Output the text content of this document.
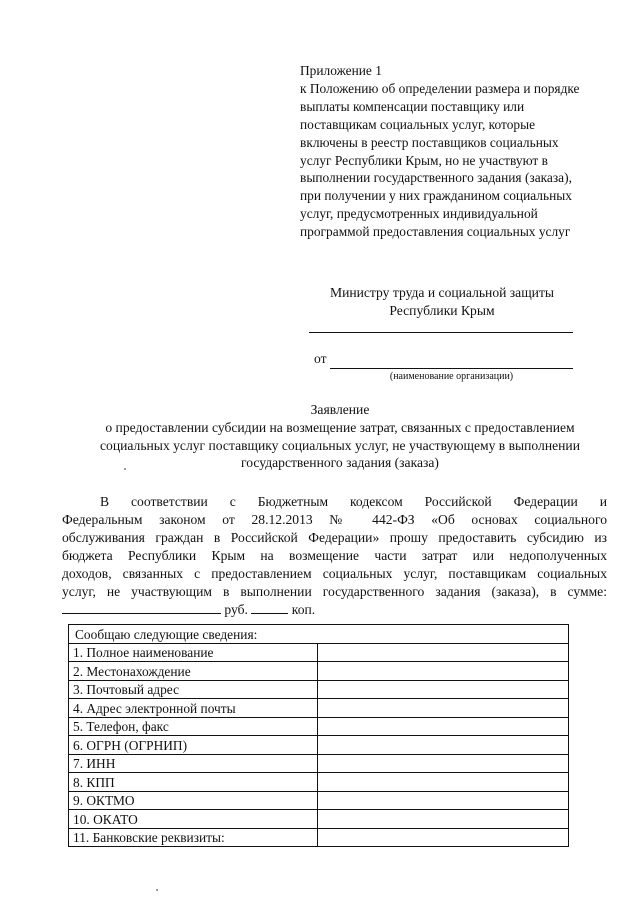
Приложение 1
к Положению об определении размера и порядке
выплаты компенсации поставщику или
поставщикам социальных услуг, которые
включены в реестр поставщиков социальных
услуг Республики Крым, но не участвуют в
выполнении государственного задания (заказа),
при получении у них гражданином социальных
услуг, предусмотренных индивидуальной
программой предоставления социальных услуг
Министру труда и социальной защиты
Республики Крым
от
(наименование организации)
Заявление
о предоставлении субсидии на возмещение затрат, связанных с предоставлением
социальных услуг поставщику социальных услуг, не участвующему в выполнении
государственного задания (заказа)
В соответствии с Бюджетным кодексом Российской Федерации и
Федеральным законом от 28.12.2013 № 442-ФЗ «Об основах социального
обслуживания граждан в Российской Федерации» прошу предоставить субсидию из
бюджета Республики Крым на возмещение части затрат или недополученных
доходов, связанных с предоставлением социальных услуг, поставщикам социальных
услуг, не участвующим в выполнении государственного задания (заказа), в сумме:
руб.	коп.
Сообщаю следующие сведения:	
1. Полное наименование	
2. Местонахождение	
3. Почтовый адрес	
4. Адрес электронной почты	
5. Телефон, факс	
6. ОГРН (ОГРНИП)	
7. ИНН	
8. КПП	
9. ОКТМО	
10. ОКАТО	
11. Банковские реквизиты:	
